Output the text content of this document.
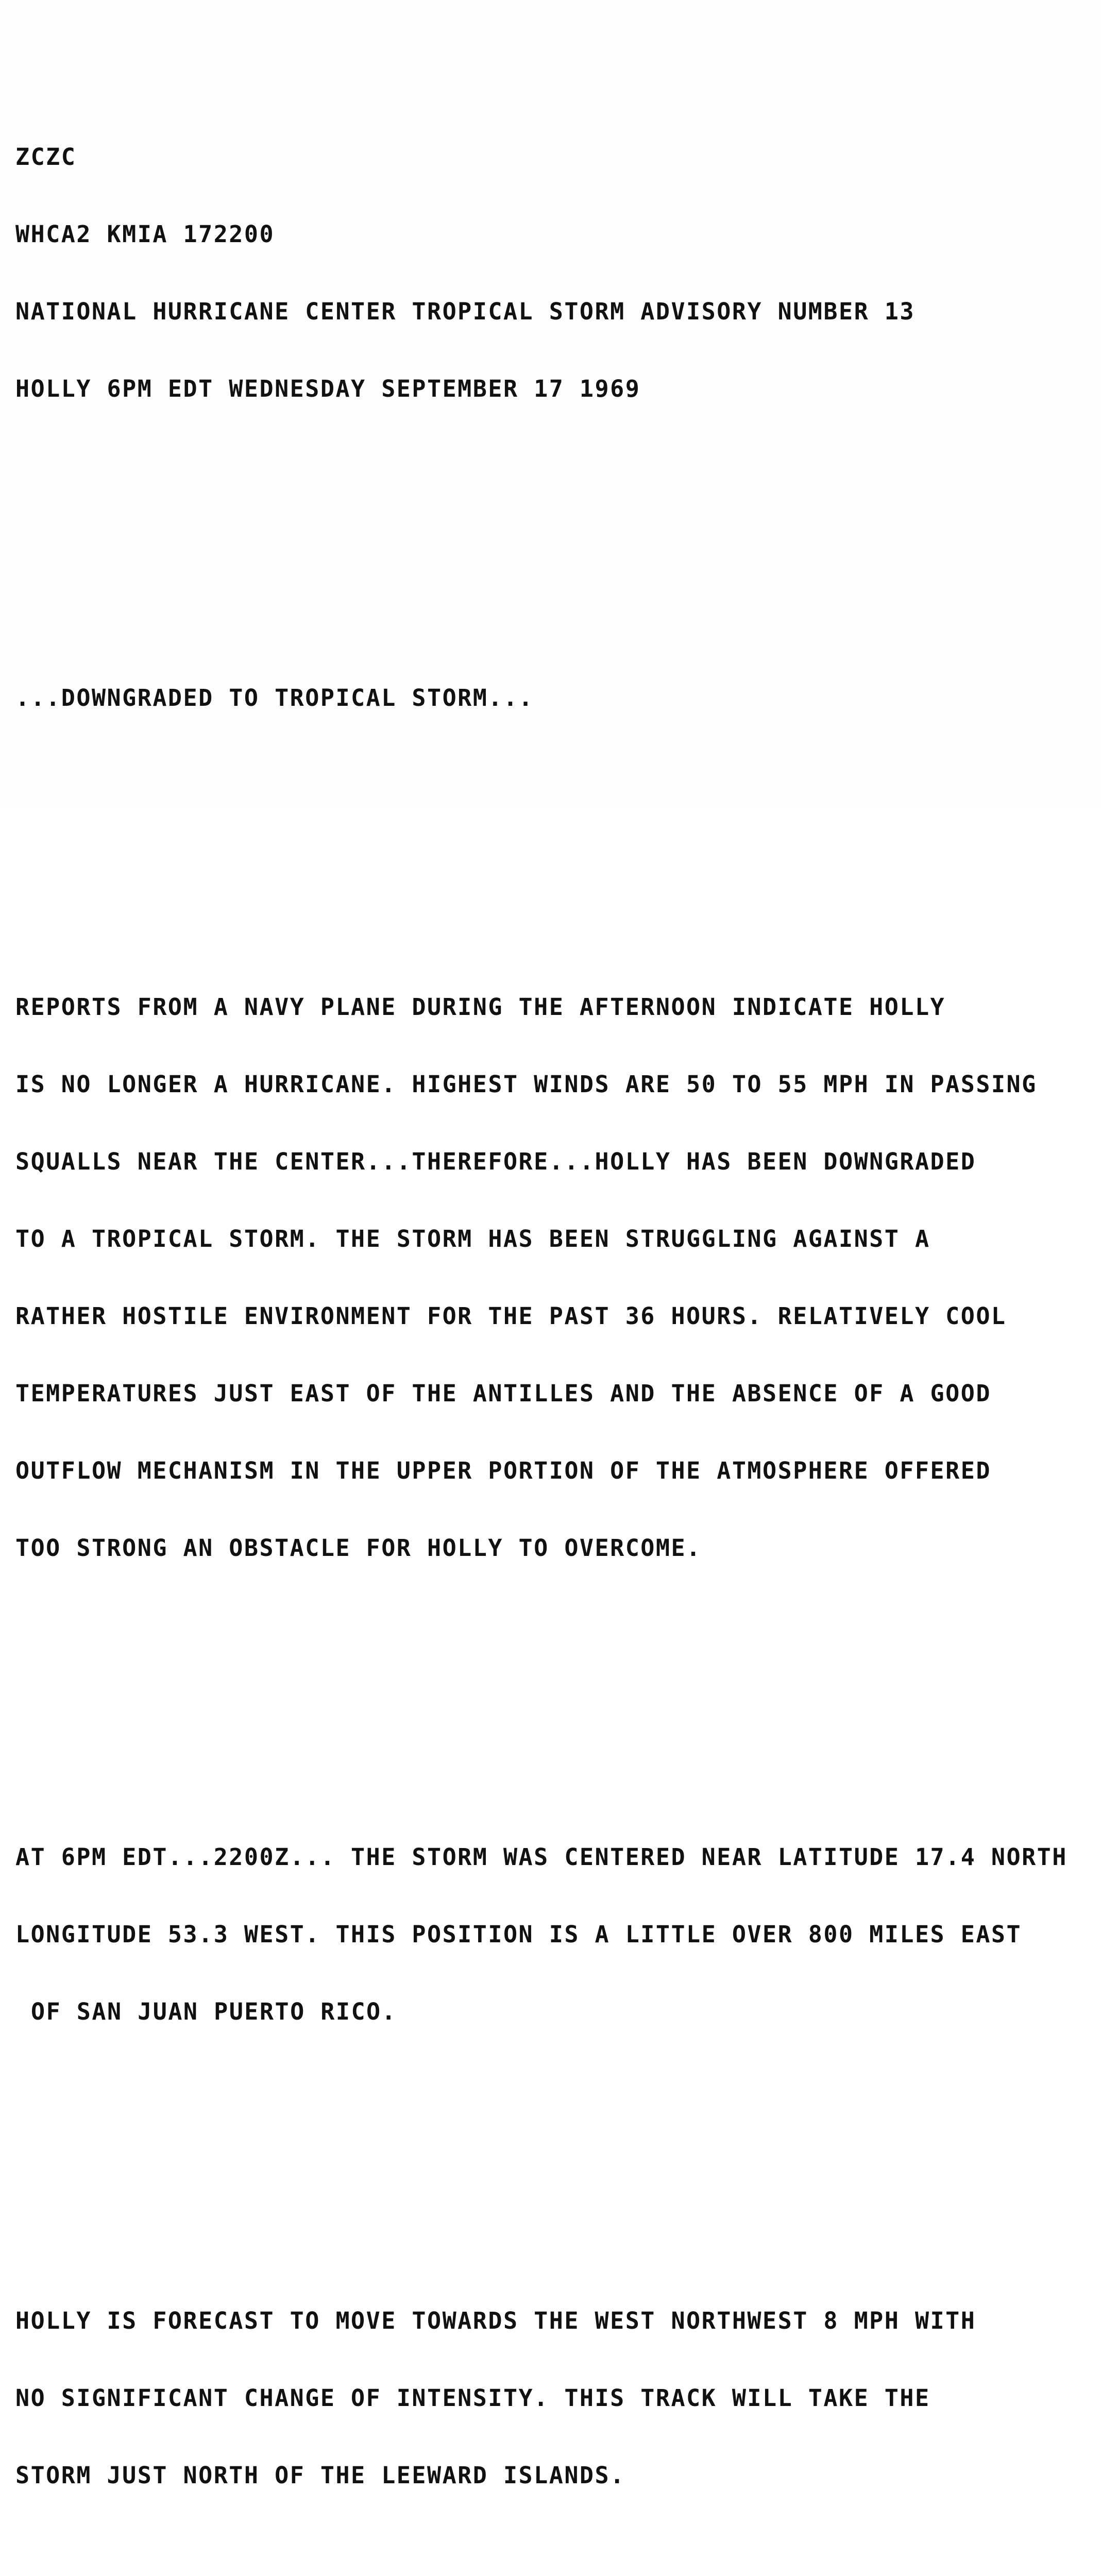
ZCZC

WHCA2 KMIA 172200

NATIONAL HURRICANE CENTER TROPICAL STORM ADVISORY NUMBER 13

HOLLY 6PM EDT WEDNESDAY SEPTEMBER 17 1969

...DOWNGRADED TO TROPICAL STORM...

REPORTS FROM A NAVY PLANE DURING THE AFTERNOON INDICATE HOLLY

IS NO LONGER A HURRICANE. HIGHEST WINDS ARE 50 TO 55 MPH IN PASSING

SQUALLS NEAR THE CENTER...THEREFORE...HOLLY HAS BEEN DOWNGRADED

TO A TROPICAL STORM. THE STORM HAS BEEN STRUGGLING AGAINST A

RATHER HOSTILE ENVIRONMENT FOR THE PAST 36 HOURS. RELATIVELY COOL

TEMPERATURES JUST EAST OF THE ANTILLES AND THE ABSENCE OF A GOOD

OUTFLOW MECHANISM IN THE UPPER PORTION OF THE ATMOSPHERE OFFERED

TOO STRONG AN OBSTACLE FOR HOLLY TO OVERCOME.

AT 6PM EDT...2200Z... THE STORM WAS CENTERED NEAR LATITUDE 17.4 NORTH

LONGITUDE 53.3 WEST. THIS POSITION IS A LITTLE OVER 800 MILES EAST

OF SAN JUAN PUERTO RICO.

HOLLY IS FORECAST TO MOVE TOWARDS THE WEST NORTHWEST 8 MPH WITH

NO SIGNIFICANT CHANGE OF INTENSITY. THIS TRACK WILL TAKE THE

STORM JUST NORTH OF THE LEEWARD ISLANDS.
